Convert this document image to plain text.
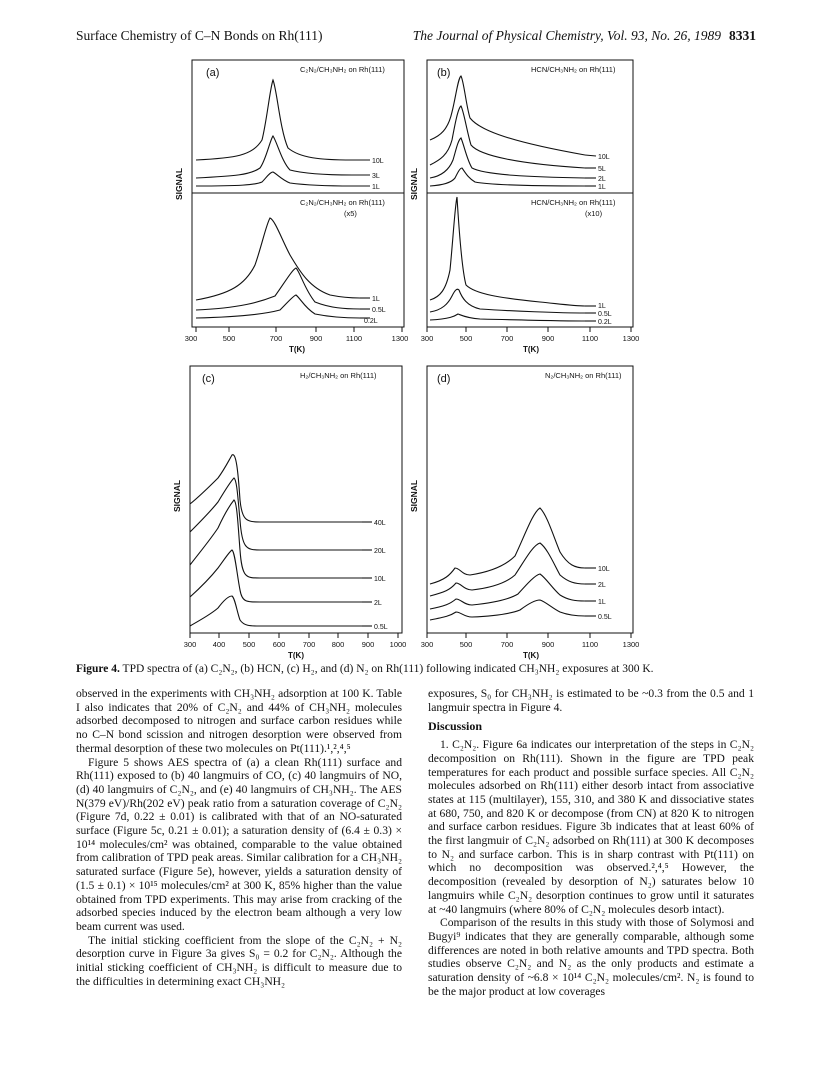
Surface Chemistry of C–N Bonds on Rh(111)	The Journal of Physical Chemistry, Vol. 93, No. 26, 1989 8331
(a)	C₂N₂/CH₃NH₂ on Rh(111)
C₂N₂/CH₃NH₂ on Rh(111)
(x5)
(b)	HCN/CH₃NH₂ on Rh(111)
HCN/CH₃NH₂ on Rh(111)
(x10)
(c)	H₂/CH₃NH₂ on Rh(111)	(d)	N₂/CH₃NH₂ on Rh(111)
10L
3L
1L
1L
0.5L
0.2L
10L
5L
2L
1L
1L
0.5L
0.2L
40L
20L
10L
2L
0.5L
10L
2L
1L
0.5L
SIGNAL	SIGNAL
SIGNAL	SIGNAL
300	500	700	900	1100	1300 300	500	700	900	1100	1300
300 400 500 600 700 800 900 1000 300	500	700	900	1100	1300
T(K)	T(K)
T(K)	T(K)
Figure 4. TPD spectra of (a) C₂N₂, (b) HCN, (c) H₂, and (d) N₂ on Rh(111) following indicated CH₃NH₂ exposures at 300 K.

observed in the experiments with CH₃NH₂ adsorption at 100 K. Table I also indicates that 20% of C₂N₂ and 44% of CH₃NH₂ molecules adsorbed decomposed to nitrogen and surface carbon residues while no C–N bond scission and nitrogen desorption were observed from thermal desorption of these two molecules on Pt(111).¹,²,⁴,⁵

Figure 5 shows AES spectra of (a) a clean Rh(111) surface and Rh(111) exposed to (b) 40 langmuirs of CO, (c) 40 langmuirs of NO, (d) 40 langmuirs of C₂N₂, and (e) 40 langmuirs of CH₃NH₂. The AES N(379 eV)/Rh(202 eV) peak ratio from a saturation coverage of C₂N₂ (Figure 7d, 0.22 ± 0.01) is calibrated with that of an NO-saturated surface (Figure 5c, 0.21 ± 0.01); a saturation density of (6.4 ± 0.3) × 10¹⁴ molecules/cm² was obtained, comparable to the value obtained from calibration of TPD peak areas. Similar calibration for a CH₃NH₂ saturated surface (Figure 5e), however, yields a saturation density of (1.5 ± 0.1) × 10¹⁵ molecules/cm² at 300 K, 85% higher than the value obtained from TPD experiments. This may arise from cracking of the adsorbed species induced by the electron beam although a very low beam current was used.

The initial sticking coefficient from the slope of the C₂N₂ + N₂ desorption curve in Figure 3a gives S₀ = 0.2 for C₂N₂. Although the initial sticking coefficient of CH₃NH₂ is difficult to measure due to the difficulties in determining exact CH₃NH₂

exposures, S₀ for CH₃NH₂ is estimated to be ~0.3 from the 0.5 and 1 langmuir spectra in Figure 4.

Discussion

1. C₂N₂. Figure 6a indicates our interpretation of the steps in C₂N₂ decomposition on Rh(111). Shown in the figure are TPD peak temperatures for each product and possible surface species. All C₂N₂ molecules adsorbed on Rh(111) either desorb intact from associative states at 115 (multilayer), 155, 310, and 380 K and dissociative states at 680, 750, and 820 K or decompose (from CN) at 820 K to nitrogen and surface carbon residues. Figure 3b indicates that at least 60% of the first langmuir of C₂N₂ adsorbed on Rh(111) at 300 K decomposes to N₂ and surface carbon. This is in sharp contrast with Pt(111) on which no decomposition was observed.²,⁴,⁵ However, the decomposition (revealed by desorption of N₂) saturates below 10 langmuirs while C₂N₂ desorption continues to grow until it saturates at ~40 langmuirs (where 80% of C₂N₂ molecules desorb intact).

Comparison of the results in this study with those of Solymosi and Bugyi⁹ indicates that they are generally comparable, although some differences are noted in both relative amounts and TPD spectra. Both studies observe C₂N₂ and N₂ as the only products and estimate a saturation density of ~6.8 × 10¹⁴ C₂N₂ molecules/cm². N₂ is found to be the major product at low coverages
